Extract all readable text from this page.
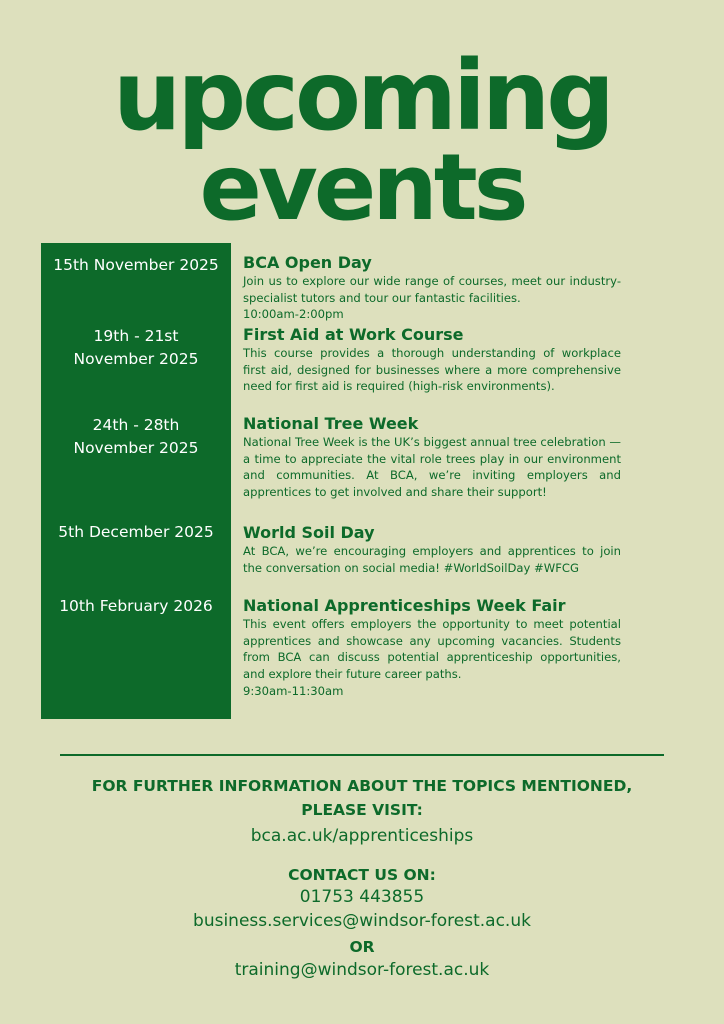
upcoming
events
15th November 2025
19th - 21st
November 2025
24th - 28th
November 2025
5th December 2025
10th February 2026
BCA Open Day
Join us to explore our wide range of courses, meet our industry-specialist tutors and tour our fantastic facilities.
10:00am-2:00pm
First Aid at Work Course
This course provides a thorough understanding of workplace first aid, designed for businesses where a more comprehensive need for first aid is required (high-risk environments).
National Tree Week
National Tree Week is the UK’s biggest annual tree celebration — a time to appreciate the vital role trees play in our environment and communities. At BCA, we’re inviting employers and apprentices to get involved and share their support!
World Soil Day
At BCA, we’re encouraging employers and apprentices to join the conversation on social media! #WorldSoilDay #WFCG
National Apprenticeships Week Fair
This event offers employers the opportunity to meet potential apprentices and showcase any upcoming vacancies. Students from BCA can discuss potential apprenticeship opportunities, and explore their future career paths.
9:30am-11:30am
FOR FURTHER INFORMATION ABOUT THE TOPICS MENTIONED,
PLEASE VISIT:
bca.ac.uk/apprenticeships
CONTACT US ON:
01753 443855
business.services@windsor-forest.ac.uk
OR
training@windsor-forest.ac.uk
